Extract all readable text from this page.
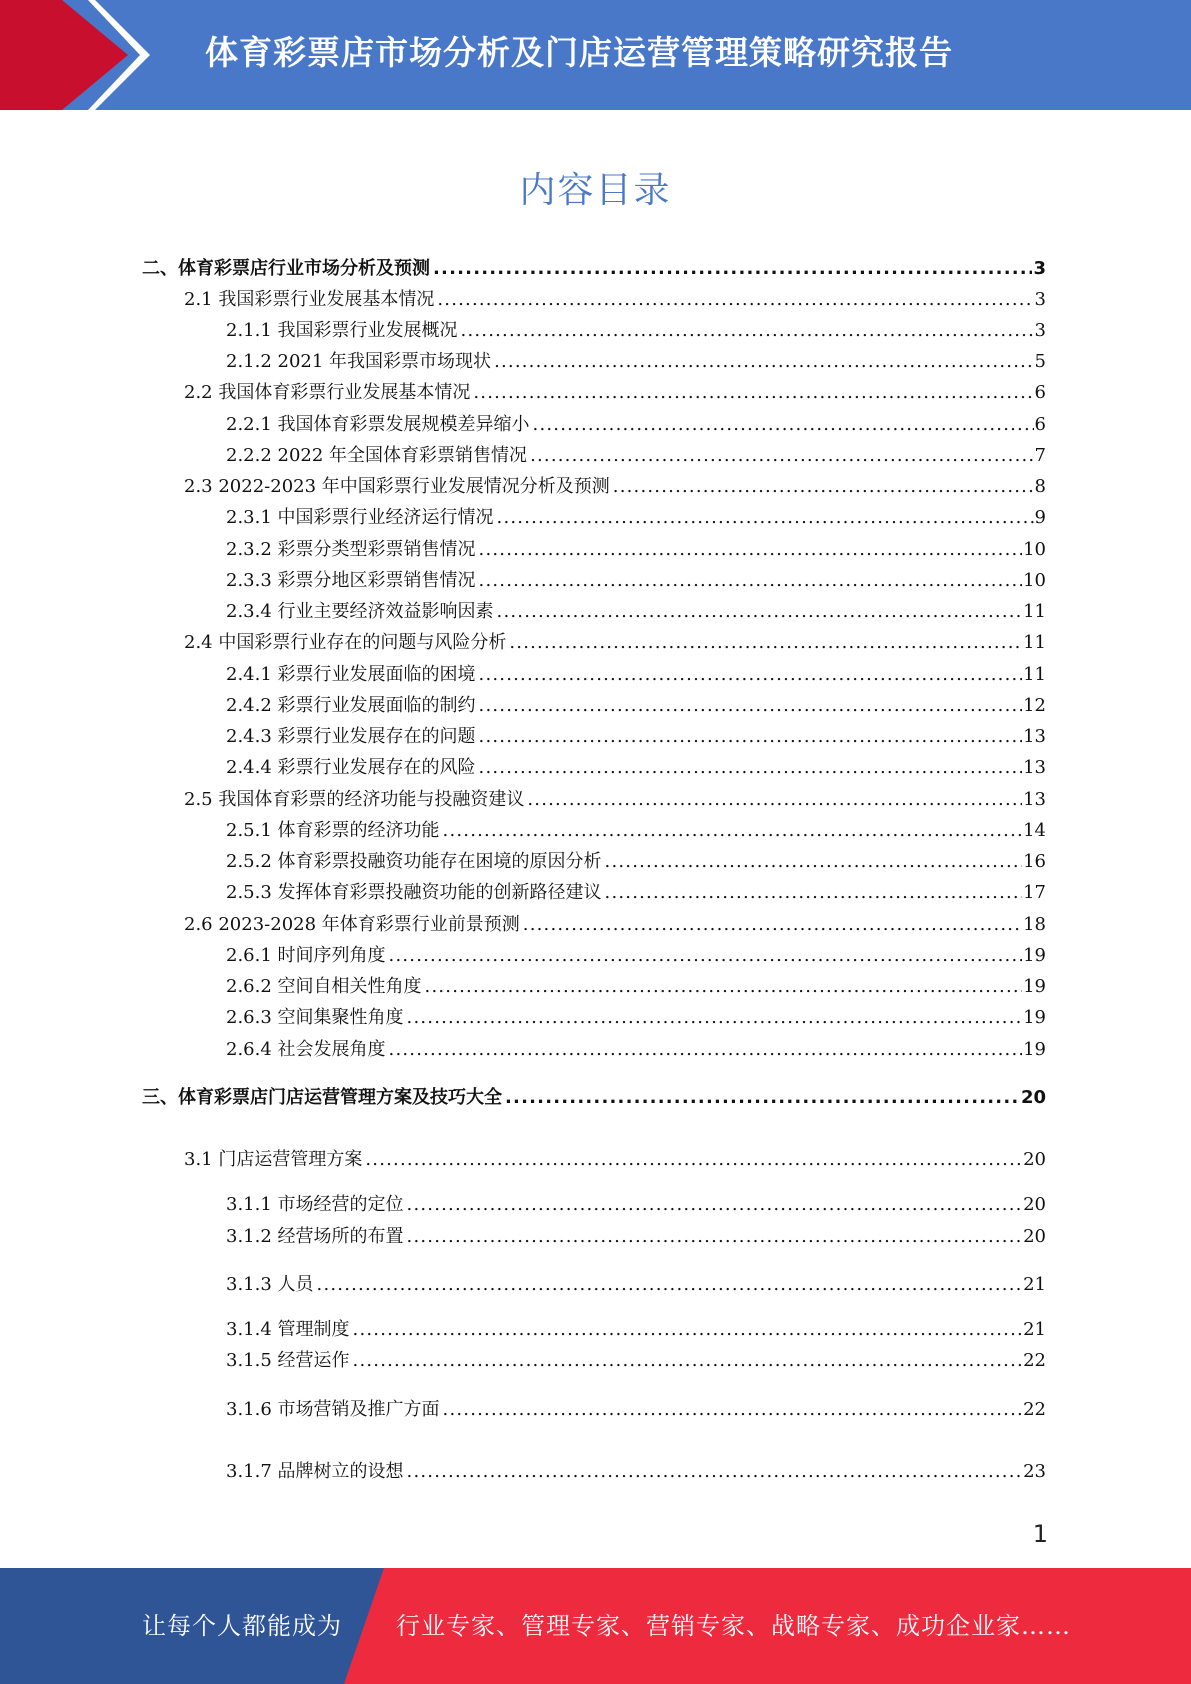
体育彩票店市场分析及门店运营管理策略研究报告
内容目录
二、体育彩票店行业市场分析及预测 .....	3
2.1 我国彩票行业发展基本情况 .....	3
2.1.1 我国彩票行业发展概况 .....	3
2.1.2 2021 年我国彩票市场现状 .....	5
2.2 我国体育彩票行业发展基本情况 .....	6
2.2.1 我国体育彩票发展规模差异缩小 .....	6
2.2.2 2022 年全国体育彩票销售情况 .....	7
2.3 2022-2023 年中国彩票行业发展情况分析及预测 .....	8
2.3.1 中国彩票行业经济运行情况 .....	9
2.3.2 彩票分类型彩票销售情况 .....	10
2.3.3 彩票分地区彩票销售情况 .....	10
2.3.4 行业主要经济效益影响因素 .....	11
2.4 中国彩票行业存在的问题与风险分析 .....	11
2.4.1 彩票行业发展面临的困境 .....	11
2.4.2 彩票行业发展面临的制约 .....	12
2.4.3 彩票行业发展存在的问题 .....	13
2.4.4 彩票行业发展存在的风险 .....	13
2.5 我国体育彩票的经济功能与投融资建议 .....	13
2.5.1 体育彩票的经济功能 .....	14
2.5.2 体育彩票投融资功能存在困境的原因分析 .....	16
2.5.3 发挥体育彩票投融资功能的创新路径建议 .....	17
2.6 2023-2028 年体育彩票行业前景预测 .....	18
2.6.1 时间序列角度 .....	19
2.6.2 空间自相关性角度 .....	19
2.6.3 空间集聚性角度 .....	19
2.6.4 社会发展角度 .....	19
三、体育彩票店门店运营管理方案及技巧大全 .....	20
3.1 门店运营管理方案 .....	20
3.1.1 市场经营的定位 .....	20
3.1.2 经营场所的布置 .....	20
3.1.3 人员 .....	21
3.1.4 管理制度 .....	21
3.1.5 经营运作 .....	22
3.1.6 市场营销及推广方面 .....	22
3.1.7 品牌树立的设想 .....	23
1
让每个人都能成为 行业专家、管理专家、营销专家、战略专家、成功企业家……
